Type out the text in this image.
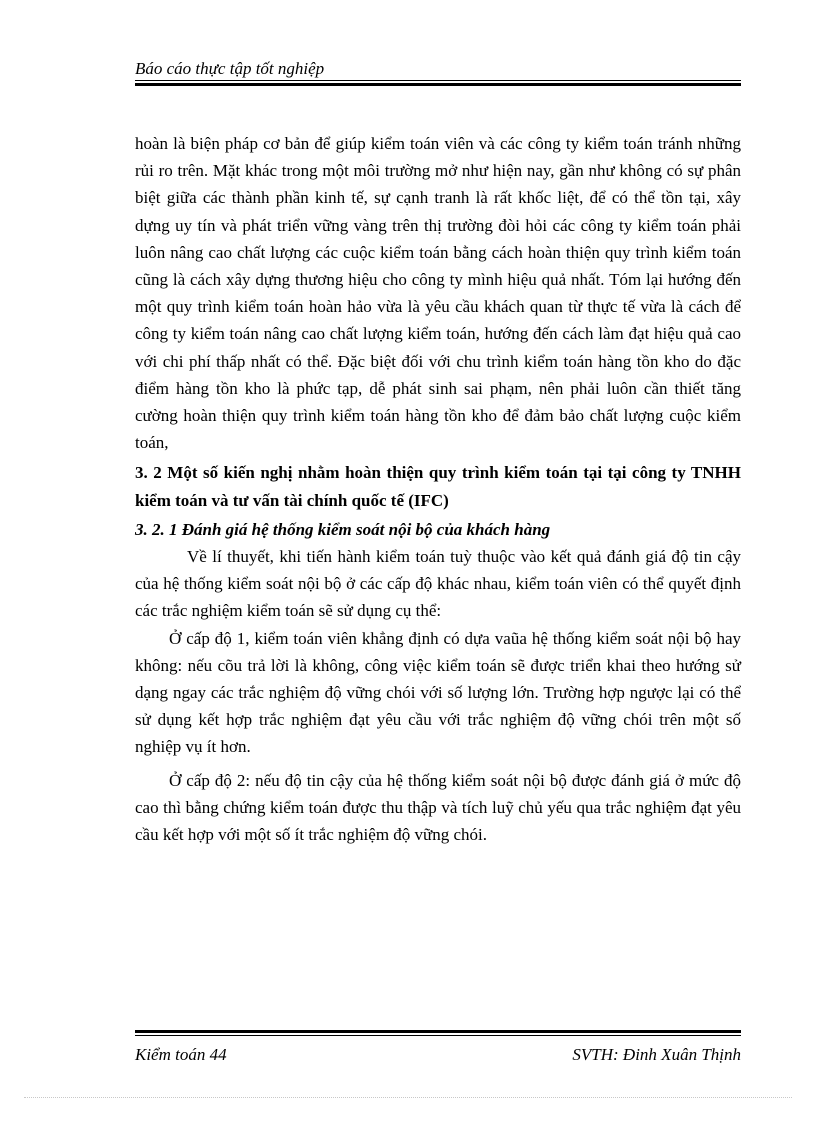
Báo cáo thực tập tốt nghiệp

hoàn là biện pháp cơ bản để giúp kiểm toán viên và các công ty kiểm toán tránh những rủi ro trên. Mặt khác trong một môi trường mở như hiện nay, gần như không có sự phân biệt giữa các thành phần kinh tế, sự cạnh tranh là rất khốc liệt, để có thể tồn tại, xây dựng uy tín và phát triển vững vàng trên thị trường đòi hỏi các công ty kiểm toán phải luôn nâng cao chất lượng các cuộc kiểm toán bằng cách hoàn thiện quy trình kiểm toán cũng là cách xây dựng thương hiệu cho công ty mình hiệu quả nhất. Tóm lại hướng đến một quy trình kiểm toán hoàn hảo vừa là yêu cầu khách quan từ thực tế vừa là cách để công ty kiểm toán nâng cao chất lượng kiểm toán, hướng đến cách làm đạt hiệu quả cao với chi phí thấp nhất có thể. Đặc biệt đối với chu trình kiểm toán hàng tồn kho do đặc điểm hàng tồn kho là phức tạp, dễ phát sinh sai phạm, nên phải luôn cần thiết tăng cường hoàn thiện quy trình kiểm toán hàng tồn kho để đảm bảo chất lượng cuộc kiểm toán,

3. 2 Một số kiến nghị nhằm hoàn thiện quy trình kiểm toán tại tại công ty TNHH kiểm toán và tư vấn tài chính quốc tế (IFC)

3. 2. 1 Đánh giá hệ thống kiểm soát nội bộ của khách hàng

Về lí thuyết, khi tiến hành kiểm toán tuỳ thuộc vào kết quả đánh giá độ tin cậy của hệ thống kiểm soát nội bộ ở các cấp độ khác nhau, kiểm toán viên có thể quyết định các trắc nghiệm kiểm toán sẽ sử dụng cụ thể:

Ở cấp độ 1, kiểm toán viên khẳng định có dựa vaũa hệ thống kiểm soát nội bộ hay không: nếu cõu trả lời là không, công việc kiểm toán sẽ được triển khai theo hướng sử dạng ngay các trắc nghiệm độ vững chói với số lượng lớn. Trường hợp ngược lại có thể sử dụng kết hợp trắc nghiệm đạt yêu cầu với trắc nghiệm độ vững chói trên một số nghiệp vụ ít hơn.

Ở cấp độ 2: nếu độ tin cậy của hệ thống kiểm soát nội bộ được đánh giá ở mức độ cao thì bằng chứng kiểm toán được thu thập và tích luỹ chủ yếu qua trắc nghiệm đạt yêu cầu kết hợp với một số ít trắc nghiệm độ vững chói.

Kiểm toán 44	SVTH: Đinh Xuân Thịnh
